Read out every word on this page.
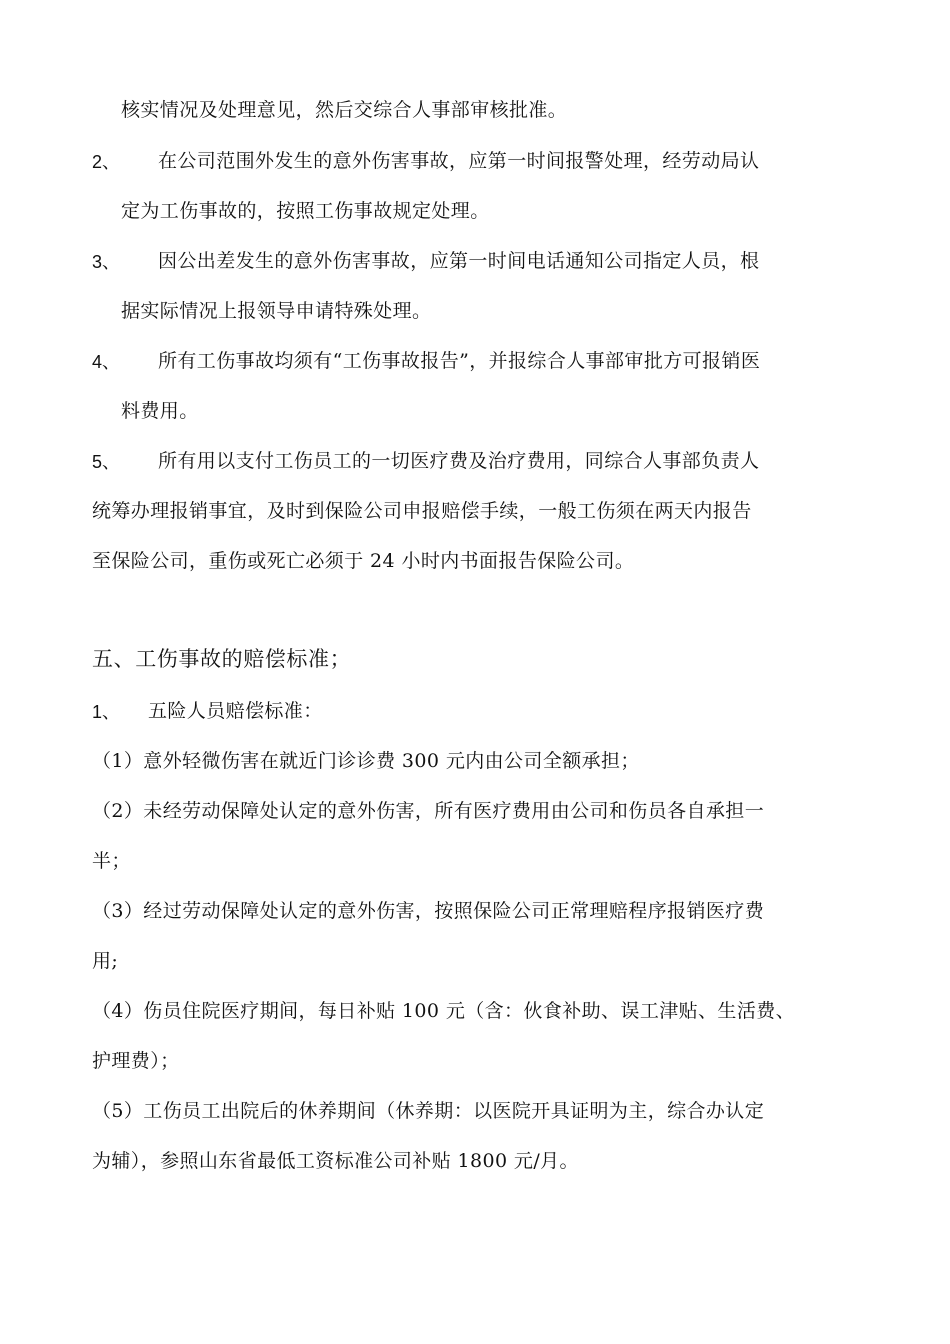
核实情况及处理意见，然后交综合人事部审核批准。
2、 在公司范围外发生的意外伤害事故，应第一时间报警处理，经劳动局认
定为工伤事故的，按照工伤事故规定处理。
3、 因公出差发生的意外伤害事故，应第一时间电话通知公司指定人员，根
据实际情况上报领导申请特殊处理。
4、 所有工伤事故均须有“工伤事故报告”，并报综合人事部审批方可报销医
料费用。
5、 所有用以支付工伤员工的一切医疗费及治疗费用，同综合人事部负责人
统筹办理报销事宜，及时到保险公司申报赔偿手续，一般工伤须在两天内报告
至保险公司，重伤或死亡必须于 24 小时内书面报告保险公司。
五、工伤事故的赔偿标准；
1、 五险人员赔偿标准：
（1）意外轻微伤害在就近门诊诊费 300 元内由公司全额承担；
（2）未经劳动保障处认定的意外伤害，所有医疗费用由公司和伤员各自承担一
半；
（3）经过劳动保障处认定的意外伤害，按照保险公司正常理赔程序报销医疗费
用;
（4）伤员住院医疗期间，每日补贴 100 元（含：伙食补助、误工津贴、生活费、
护理费）；
（5）工伤员工出院后的休养期间（休养期：以医院开具证明为主，综合办认定
为辅），参照山东省最低工资标准公司补贴 1800 元/月。
